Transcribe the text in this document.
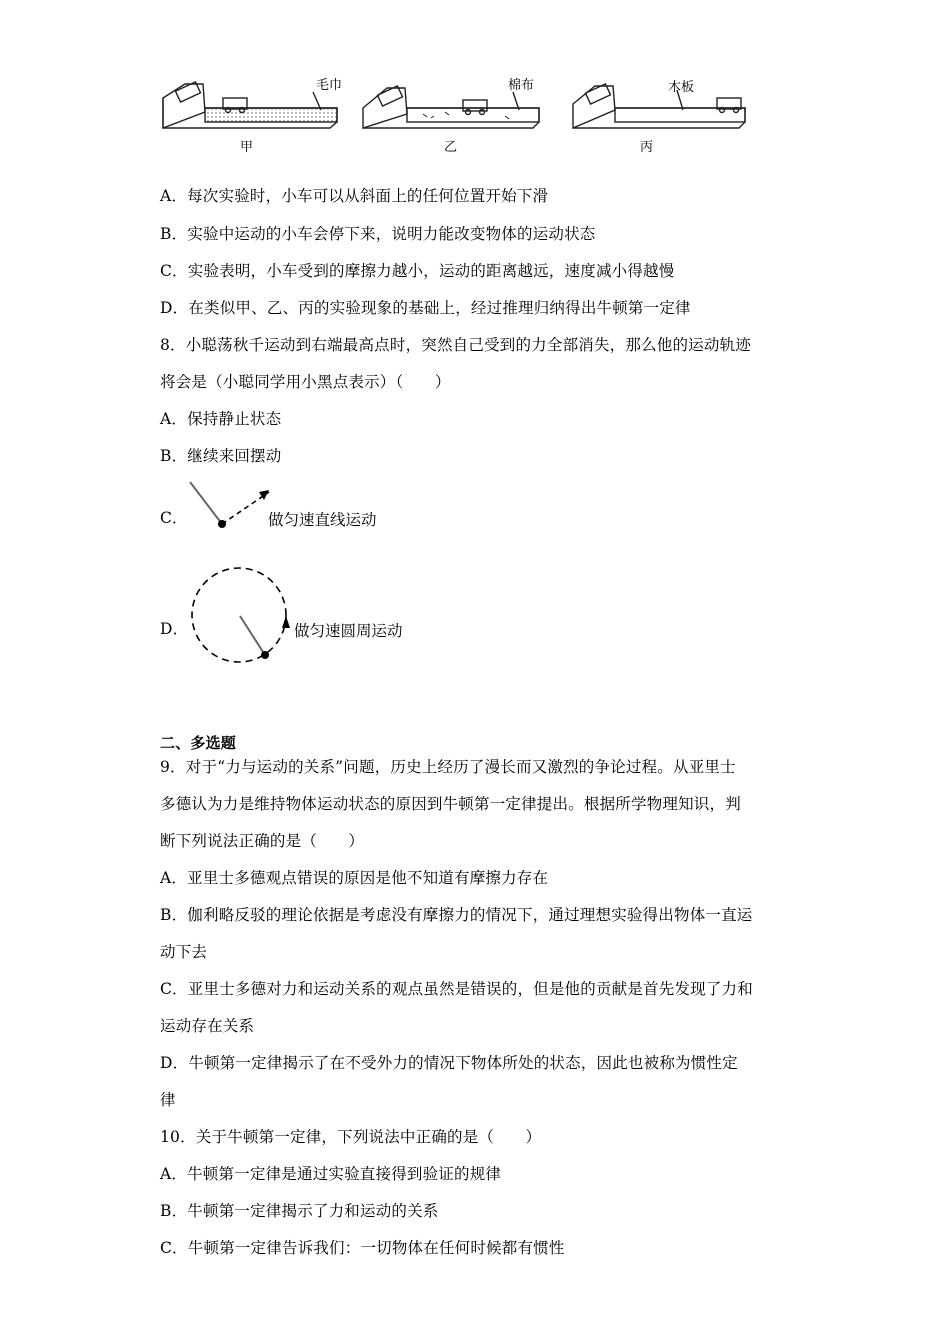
毛巾	棉布	木板
甲	乙	丙
A．每次实验时，小车可以从斜面上的任何位置开始下滑
B．实验中运动的小车会停下来，说明力能改变物体的运动状态
C．实验表明，小车受到的摩擦力越小，运动的距离越远，速度减小得越慢
D．在类似甲、乙、丙的实验现象的基础上，经过推理归纳得出牛顿第一定律
8．小聪荡秋千运动到右端最高点时，突然自己受到的力全部消失，那么他的运动轨迹
将会是（小聪同学用小黑点表示）（　　）
A．保持静止状态
B．继续来回摆动
C．	做匀速直线运动
D．	做匀速圆周运动
二、多选题
9．对于“力与运动的关系”问题，历史上经历了漫长而又激烈的争论过程。从亚里士
多德认为力是维持物体运动状态的原因到牛顿第一定律提出。根据所学物理知识，判
断下列说法正确的是（　　）
A．亚里士多德观点错误的原因是他不知道有摩擦力存在
B．伽利略反驳的理论依据是考虑没有摩擦力的情况下，通过理想实验得出物体一直运
动下去
C．亚里士多德对力和运动关系的观点虽然是错误的，但是他的贡献是首先发现了力和
运动存在关系
D．牛顿第一定律揭示了在不受外力的情况下物体所处的状态，因此也被称为惯性定
律
10．关于牛顿第一定律，下列说法中正确的是（　　）
A．牛顿第一定律是通过实验直接得到验证的规律
B．牛顿第一定律揭示了力和运动的关系
C．牛顿第一定律告诉我们：一切物体在任何时候都有惯性
